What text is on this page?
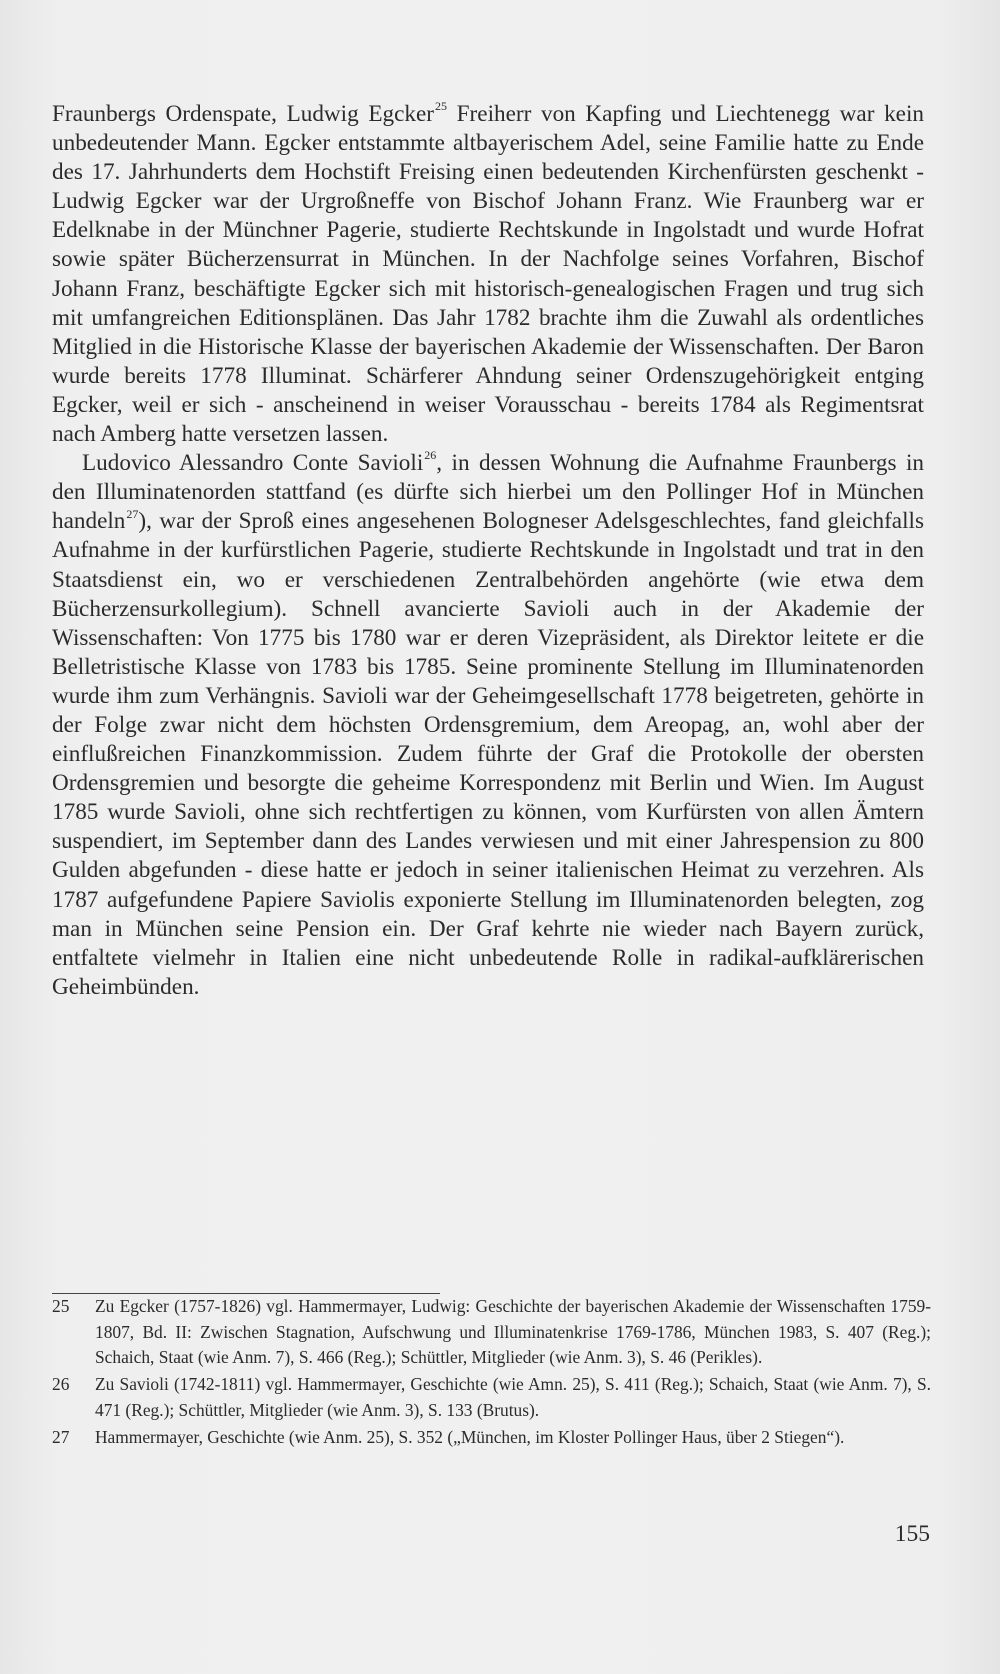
Fraunbergs Ordenspate, Ludwig Egcker$^{25}$ Freiherr von Kapfing und Liechtenegg war kein unbedeutender Mann. Egcker entstammte altbayerischem Adel, seine Familie hatte zu Ende des 17. Jahrhunderts dem Hochstift Freising einen bedeutenden Kirchenfürsten geschenkt - Ludwig Egcker war der Urgroßneffe von Bischof Johann Franz. Wie Fraunberg war er Edelknabe in der Münchner Pagerie, studierte Rechtskunde in Ingolstadt und wurde Hofrat sowie später Bücherzensurrat in München. In der Nachfolge seines Vorfahren, Bischof Johann Franz, beschäftigte Egcker sich mit historisch-genealogischen Fragen und trug sich mit umfangreichen Editionsplänen. Das Jahr 1782 brachte ihm die Zuwahl als ordentliches Mitglied in die Historische Klasse der bayerischen Akademie der Wissenschaften. Der Baron wurde bereits 1778 Illuminat. Schärferer Ahndung seiner Ordenszugehörigkeit entging Egcker, weil er sich - anscheinend in weiser Vorausschau - bereits 1784 als Regimentsrat nach Amberg hatte versetzen lassen.

Ludovico Alessandro Conte Savioli$^{26}$, in dessen Wohnung die Aufnahme Fraunbergs in den Illuminatenorden stattfand (es dürfte sich hierbei um den Pollinger Hof in München handeln$^{27}$), war der Sproß eines angesehenen Bologneser Adelsgeschlechtes, fand gleichfalls Aufnahme in der kurfürstlichen Pagerie, studierte Rechtskunde in Ingolstadt und trat in den Staatsdienst ein, wo er verschiedenen Zentralbehörden angehörte (wie etwa dem Bücherzensurkollegium). Schnell avancierte Savioli auch in der Akademie der Wissenschaften: Von 1775 bis 1780 war er deren Vizepräsident, als Direktor leitete er die Belletristische Klasse von 1783 bis 1785. Seine prominente Stellung im Illuminatenorden wurde ihm zum Verhängnis. Savioli war der Geheimgesellschaft 1778 beigetreten, gehörte in der Folge zwar nicht dem höchsten Ordensgremium, dem Areopag, an, wohl aber der einflußreichen Finanzkommission. Zudem führte der Graf die Protokolle der obersten Ordensgremien und besorgte die geheime Korrespondenz mit Berlin und Wien. Im August 1785 wurde Savioli, ohne sich rechtfertigen zu können, vom Kurfürsten von allen Ämtern suspendiert, im September dann des Landes verwiesen und mit einer Jahrespension zu 800 Gulden abgefunden - diese hatte er jedoch in seiner italienischen Heimat zu verzehren. Als 1787 aufgefundene Papiere Saviolis exponierte Stellung im Illuminatenorden belegten, zog man in München seine Pension ein. Der Graf kehrte nie wieder nach Bayern zurück, entfaltete vielmehr in Italien eine nicht unbedeutende Rolle in radikal-aufklärerischen Geheimbünden.

25 Zu Egcker (1757-1826) vgl. Hammermayer, Ludwig: Geschichte der bayerischen Akademie der Wissenschaften 1759-1807, Bd. II: Zwischen Stagnation, Aufschwung und Illuminatenkrise 1769-1786, München 1983, S. 407 (Reg.); Schaich, Staat (wie Anm. 7), S. 466 (Reg.); Schüttler, Mitglieder (wie Anm. 3), S. 46 (Perikles).
26 Zu Savioli (1742-1811) vgl. Hammermayer, Geschichte (wie Amn. 25), S. 411 (Reg.); Schaich, Staat (wie Anm. 7), S. 471 (Reg.); Schüttler, Mitglieder (wie Anm. 3), S. 133 (Brutus).
27 Hammermayer, Geschichte (wie Anm. 25), S. 352 („München, im Kloster Pollinger Haus, über 2 Stiegen“).
155
